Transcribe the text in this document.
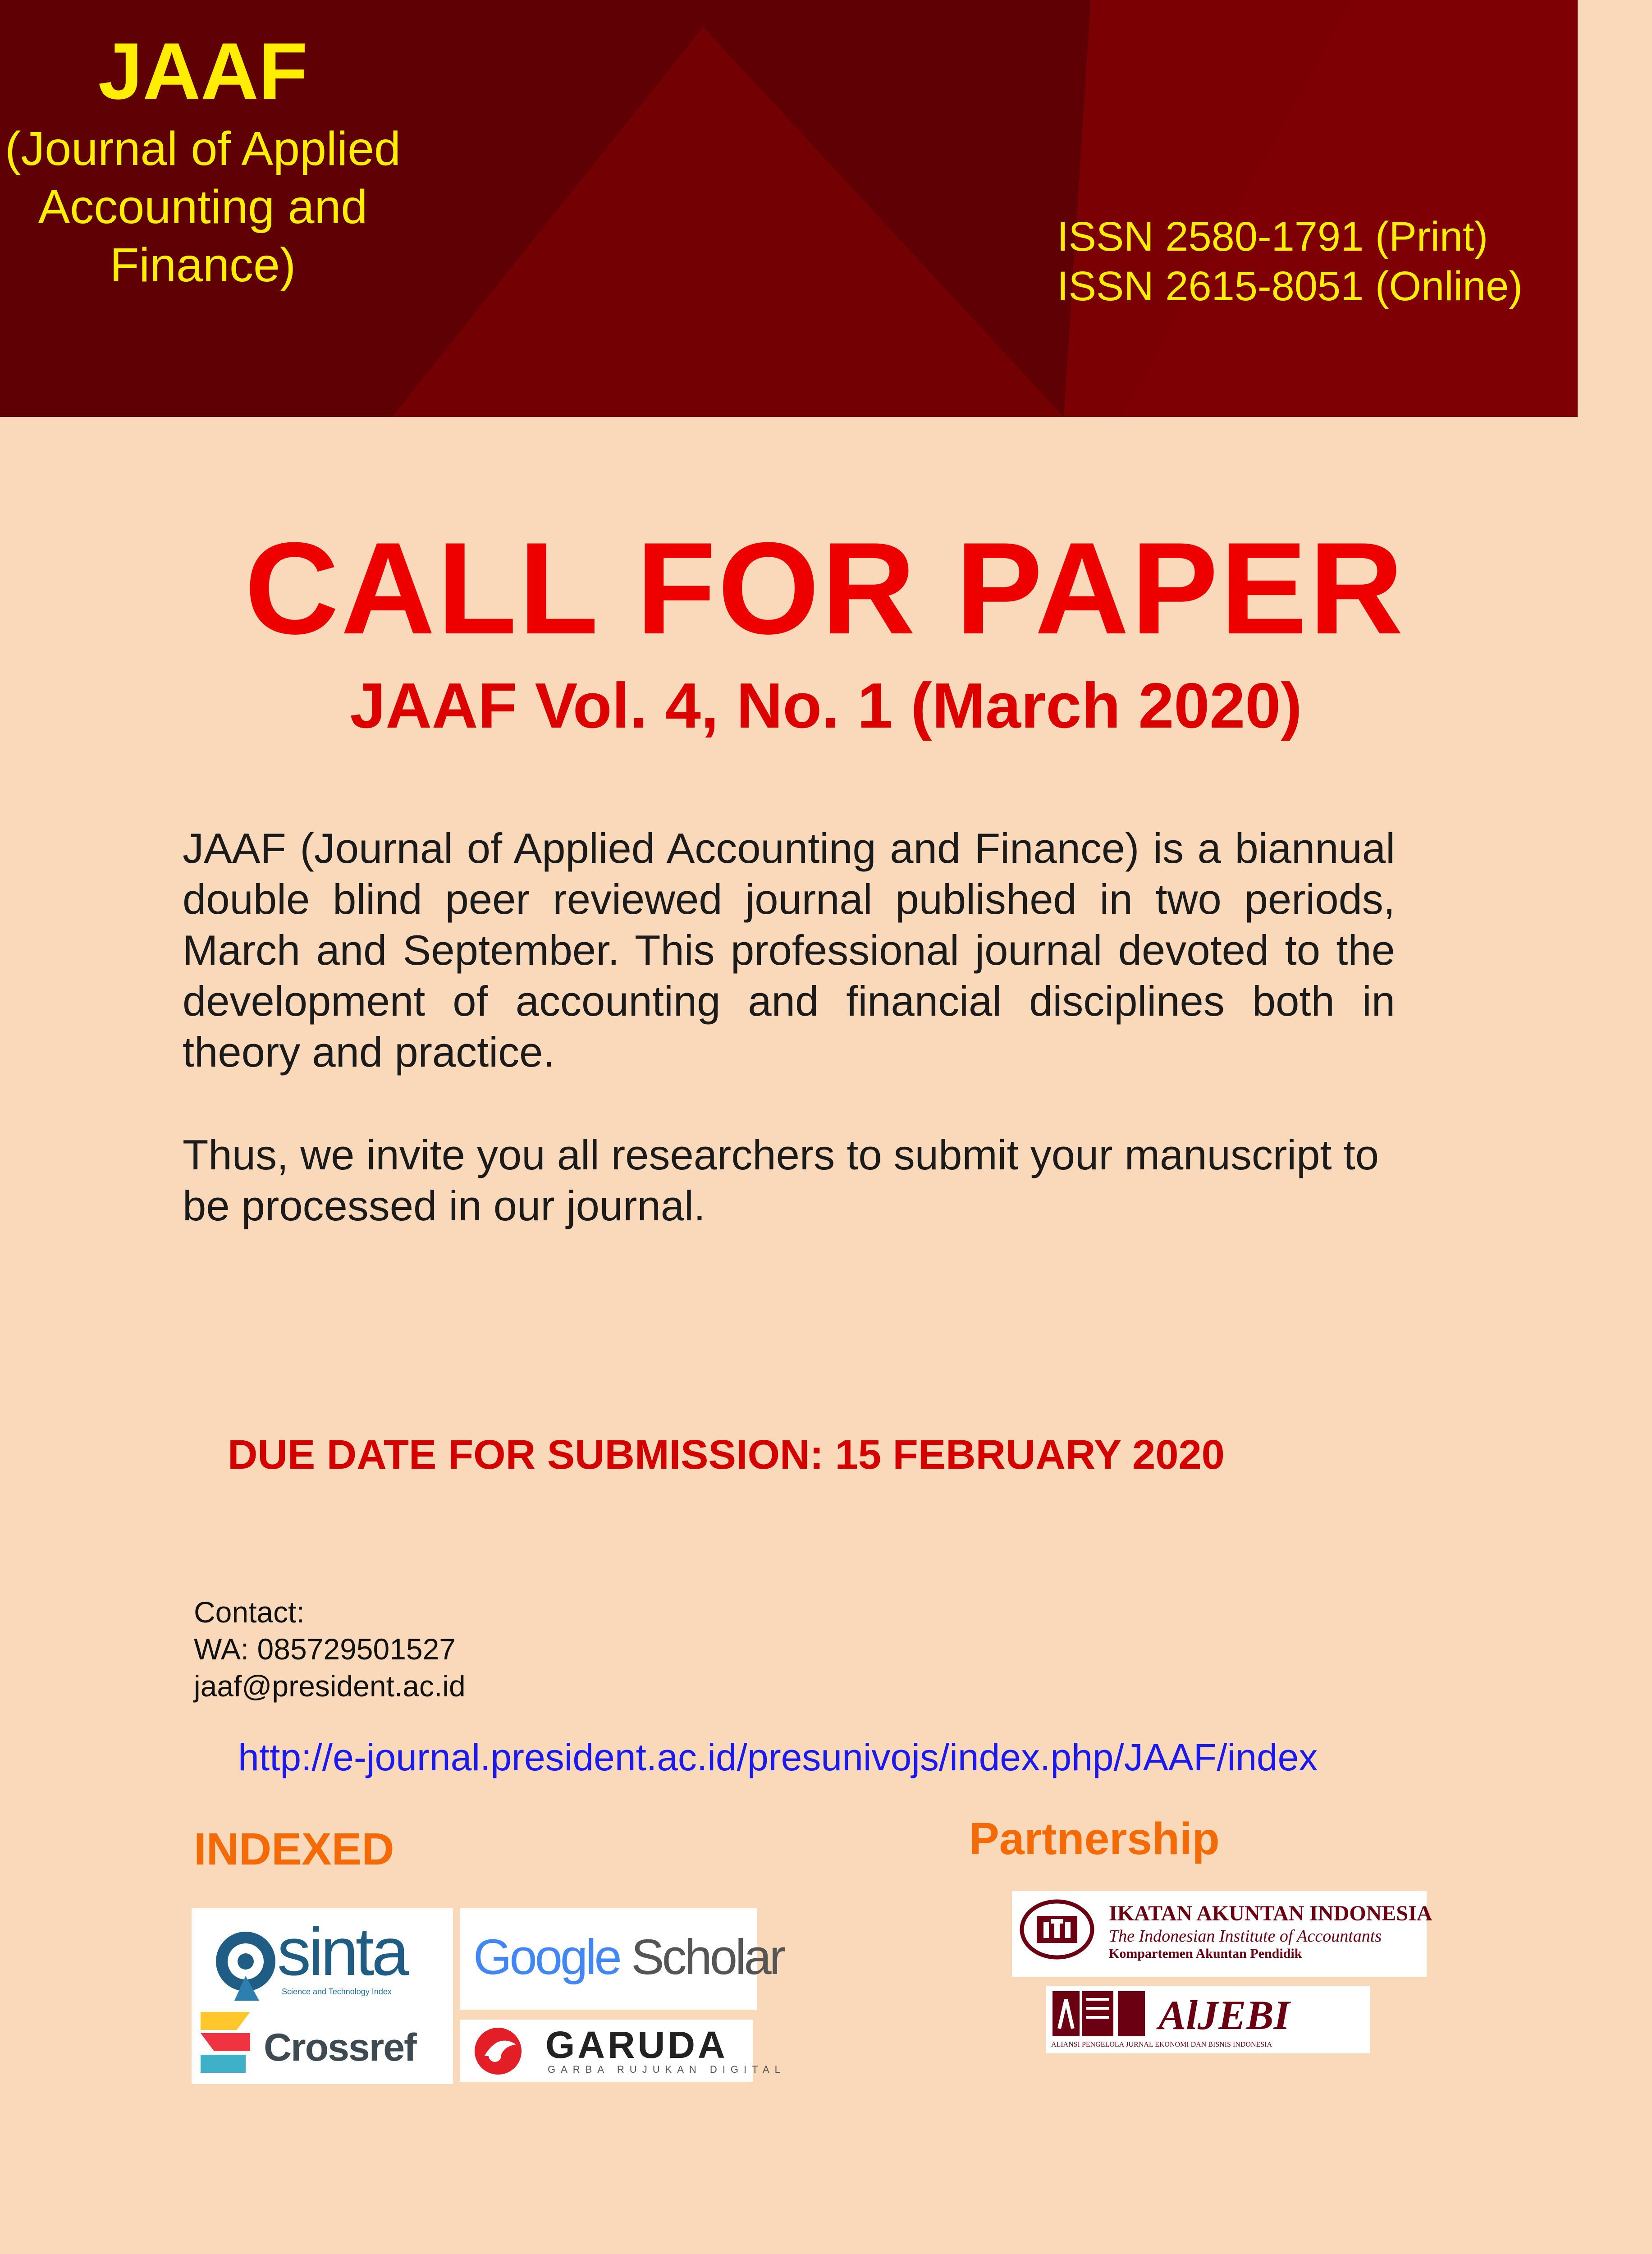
JAAF
(Journal of Applied Accounting and Finance)
ISSN 2580-1791 (Print)
ISSN 2615-8051 (Online)
CALL FOR PAPER
JAAF Vol. 4, No. 1 (March 2020)

JAAF (Journal of Applied Accounting and Finance) is a biannual double blind peer reviewed journal published in two periods, March and September. This professional journal devoted to the development of accounting and financial disciplines both in theory and practice.

Thus, we invite you all researchers to submit your manuscript to be processed in our journal.

DUE DATE FOR SUBMISSION: 15 FEBRUARY 2020
Contact:
WA: 085729501527
jaaf@president.ac.id
http://e-journal.president.ac.id/presunivojs/index.php/JAAF/index
INDEXED	Partnership
sinta
Science and Technology Index
Google Scholar
Crossref	GARUDA
GARBA RUJUKAN DIGITAL
IKATAN AKUNTAN INDONESIA
The Indonesian Institute of Accountants
Kompartemen Akuntan Pendidik
AlJEBI
ALIANSI PENGELOLA JURNAL EKONOMI DAN BISNIS INDONESIA
